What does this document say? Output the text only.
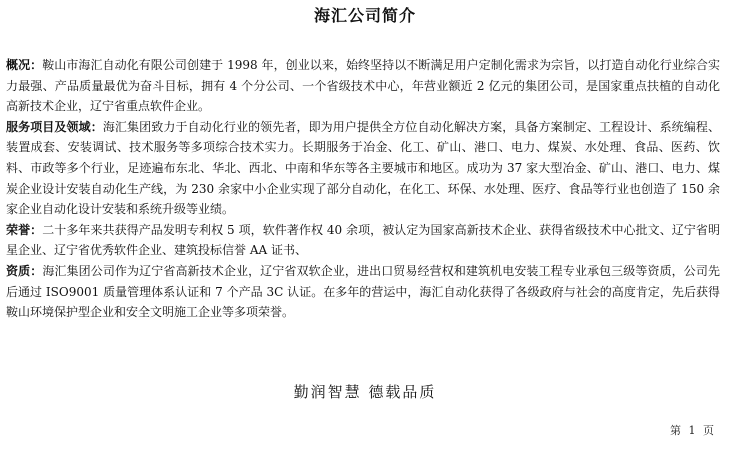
海汇公司简介

概况：鞍山市海汇自动化有限公司创建于 1998 年，创业以来，始终坚持以不断满足用户定制化需求为宗旨，以打造自动化行业综合实力最强、产品质量最优为奋斗目标，拥有 4 个分公司、一个省级技术中心，年营业额近 2 亿元的集团公司，是国家重点扶植的自动化高新技术企业，辽宁省重点软件企业。

服务项目及领域：海汇集团致力于自动化行业的领先者，即为用户提供全方位自动化解决方案，具备方案制定、工程设计、系统编程、装置成套、安装调试、技术服务等多项综合技术实力。长期服务于冶金、化工、矿山、港口、电力、煤炭、水处理、食品、医药、饮料、市政等多个行业，足迹遍布东北、华北、西北、中南和华东等各主要城市和地区。成功为 37 家大型冶金、矿山、港口、电力、煤炭企业设计安装自动化生产线，为 230 余家中小企业实现了部分自动化，在化工、环保、水处理、医疗、食品等行业也创造了 150 余家企业自动化设计安装和系统升级等业绩。

荣誉：二十多年来共获得产品发明专利权 5 项，软件著作权 40 余项，被认定为国家高新技术企业、获得省级技术中心批文、辽宁省明星企业、辽宁省优秀软件企业、建筑投标信誉 AA 证书、

资质：海汇集团公司作为辽宁省高新技术企业，辽宁省双软企业，进出口贸易经营权和建筑机电安装工程专业承包三级等资质，公司先后通过 ISO9001 质量管理体系认证和 7 个产品 3C 认证。在多年的营运中，海汇自动化获得了各级政府与社会的高度肯定，先后获得鞍山环境保护型企业和安全文明施工企业等多项荣誉。

勤润智慧 德载品质
第 1 页
